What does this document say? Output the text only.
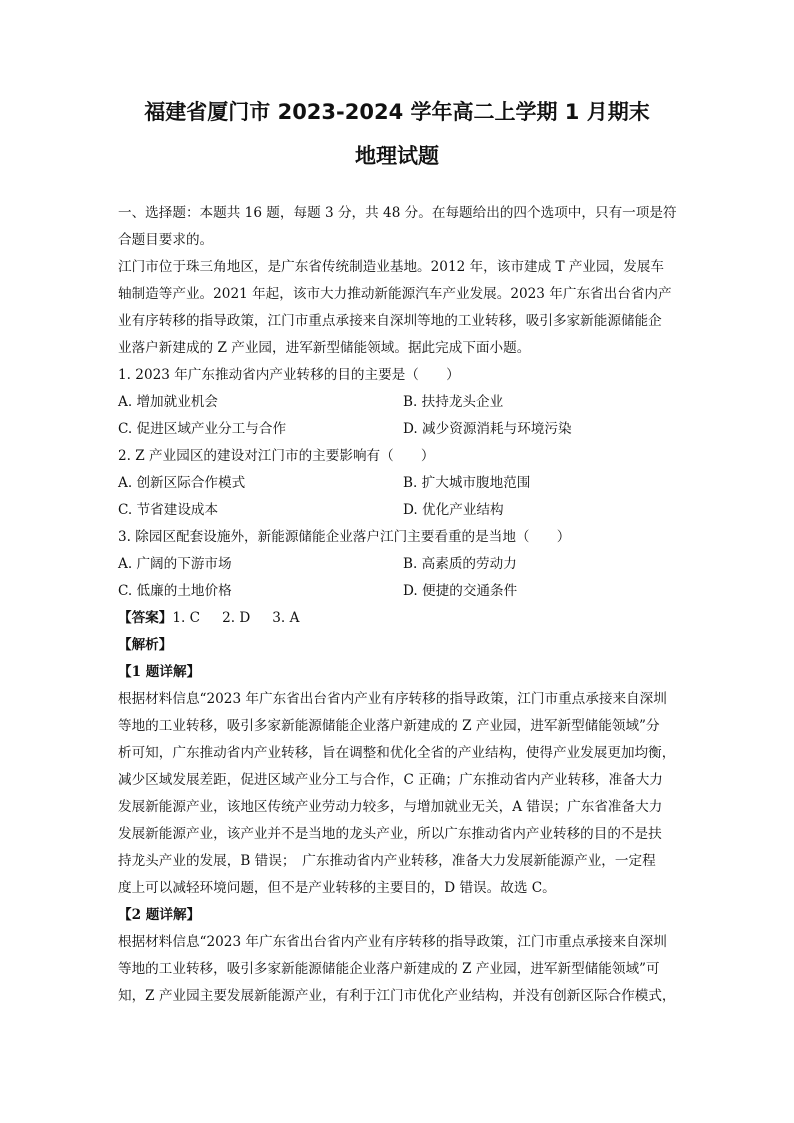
福建省厦门市 2023-2024 学年高二上学期 1 月期末
地理试题
一、选择题：本题共 16 题，每题 3 分，共 48 分。在每题给出的四个选项中，只有一项是符
合题目要求的。
江门市位于珠三角地区，是广东省传统制造业基地。2012 年，该市建成 T 产业园，发展车
轴制造等产业。2021 年起，该市大力推动新能源汽车产业发展。2023 年广东省出台省内产
业有序转移的指导政策，江门市重点承接来自深圳等地的工业转移，吸引多家新能源储能企
业落户新建成的 Z 产业园，进军新型储能领域。据此完成下面小题。
1. 2023 年广东推动省内产业转移的目的主要是（　　）
A. 增加就业机会	B. 扶持龙头企业
C. 促进区域产业分工与合作	D. 减少资源消耗与环境污染
2. Z 产业园区的建设对江门市的主要影响有（　　）
A. 创新区际合作模式	B. 扩大城市腹地范围
C. 节省建设成本	D. 优化产业结构
3. 除园区配套设施外，新能源储能企业落户江门主要看重的是当地（　　）
A. 广阔的下游市场	B. 高素质的劳动力
C. 低廉的土地价格	D. 便捷的交通条件
【答案】1. C 2. D 3. A
【解析】
【1 题详解】
根据材料信息“2023 年广东省出台省内产业有序转移的指导政策，江门市重点承接来自深圳
等地的工业转移，吸引多家新能源储能企业落户新建成的 Z 产业园，进军新型储能领域”分
析可知，广东推动省内产业转移，旨在调整和优化全省的产业结构，使得产业发展更加均衡，
减少区域发展差距，促进区域产业分工与合作，C 正确；广东推动省内产业转移，准备大力
发展新能源产业，该地区传统产业劳动力较多，与增加就业无关，A 错误；广东省准备大力
发展新能源产业，该产业并不是当地的龙头产业，所以广东推动省内产业转移的目的不是扶
持龙头产业的发展，B 错误；　广东推动省内产业转移，准备大力发展新能源产业，一定程
度上可以减轻环境问题，但不是产业转移的主要目的，D 错误。故选 C。
【2 题详解】
根据材料信息“2023 年广东省出台省内产业有序转移的指导政策，江门市重点承接来自深圳
等地的工业转移，吸引多家新能源储能企业落户新建成的 Z 产业园，进军新型储能领域”可
知，Z 产业园主要发展新能源产业，有利于江门市优化产业结构，并没有创新区际合作模式，
